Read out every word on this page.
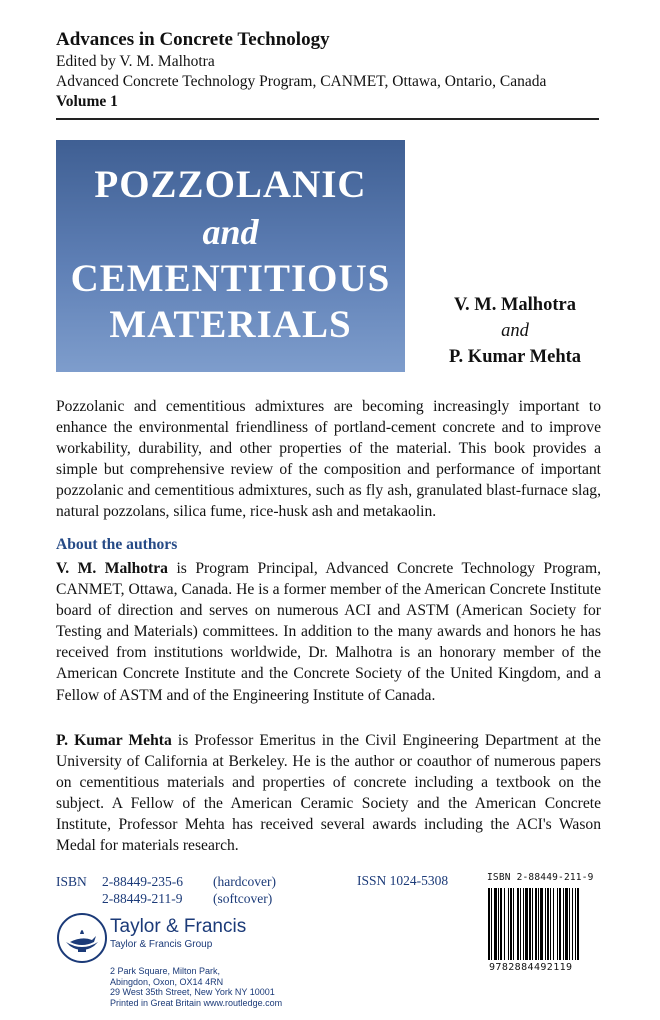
Advances in Concrete Technology
Edited by V. M. Malhotra
Advanced Concrete Technology Program, CANMET, Ottawa, Ontario, Canada
Volume 1
POZZOLANIC
and
CEMENTITIOUS
MATERIALS	V. M. Malhotra
and
P. Kumar Mehta

Pozzolanic and cementitious admixtures are becoming increasingly important to enhance the environmental friendliness of portland-cement concrete and to improve workability, durability, and other properties of the material. This book provides a simple but comprehensive review of the composition and performance of important pozzolanic and cementitious admixtures, such as fly ash, granulated blast-furnace slag, natural pozzolans, silica fume, rice-husk ash and metakaolin.

About the authors

V. M. Malhotra is Program Principal, Advanced Concrete Technology Program, CANMET, Ottawa, Canada. He is a former member of the American Concrete Institute board of direction and serves on numerous ACI and ASTM (American Society for Testing and Materials) committees. In addition to the many awards and honors he has received from institutions worldwide, Dr. Malhotra is an honorary member of the American Concrete Institute and the Concrete Society of the United Kingdom, and a Fellow of ASTM and of the Engineering Institute of Canada.

P. Kumar Mehta is Professor Emeritus in the Civil Engineering Department at the University of California at Berkeley. He is the author or coauthor of numerous papers on cementitious materials and properties of concrete including a textbook on the subject. A Fellow of the American Ceramic Society and the American Concrete Institute, Professor Mehta has received several awards including the ACI's Wason Medal for materials research.

ISBN 2-88449-235-6 (hardcover)
2-88449-211-9 (softcover)
ISSN 1024-5308
Taylor & Francis
Taylor & Francis Group
2 Park Square, Milton Park,
Abingdon, Oxon, OX14 4RN
29 West 35th Street, New York NY 10001
Printed in Great Britain www.routledge.com
ISBN 2-88449-211-9
9782884492119
